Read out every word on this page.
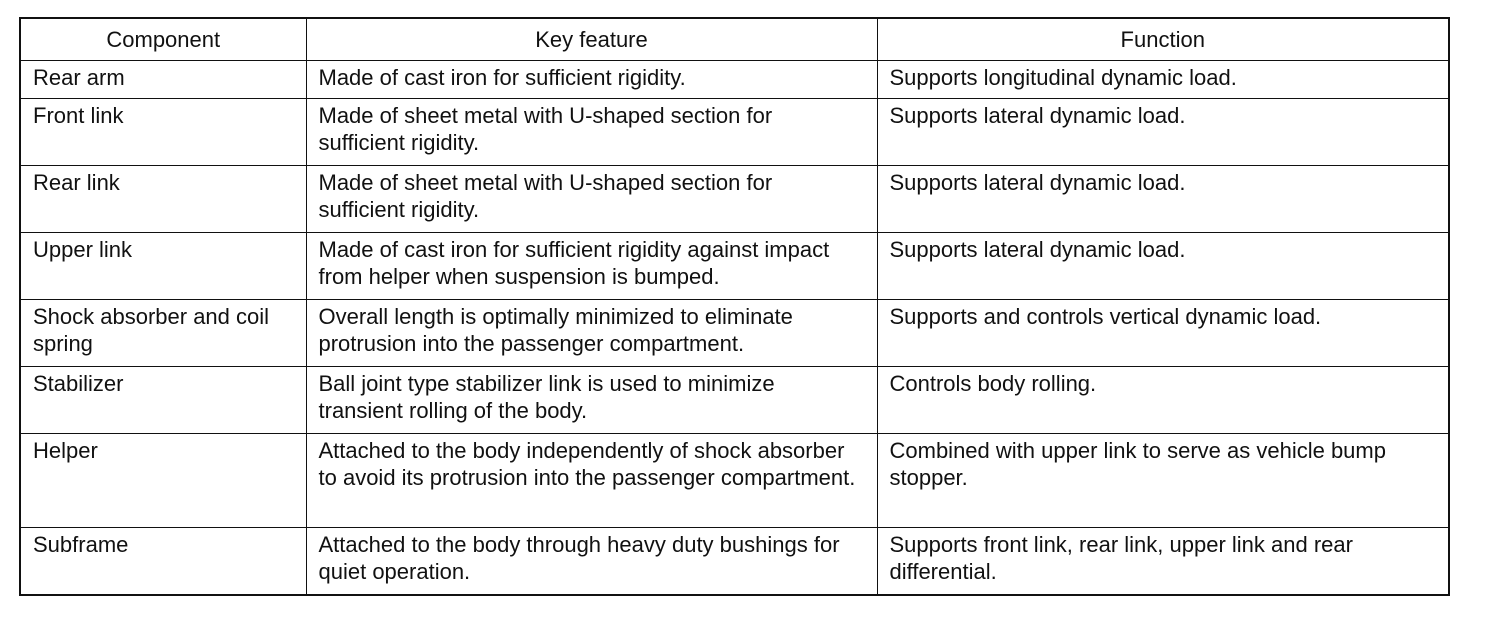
Component	Key feature	Function
Rear arm	Made of cast iron for sufficient rigidity.	Supports longitudinal dynamic load.
Front link	Made of sheet metal with U-shaped section for sufficient rigidity.	Supports lateral dynamic load.
Rear link	Made of sheet metal with U-shaped section for sufficient rigidity.	Supports lateral dynamic load.
Upper link	Made of cast iron for sufficient rigidity against impact from helper when suspension is bumped.	Supports lateral dynamic load.
Shock absorber and coil spring	Overall length is optimally minimized to eliminate protrusion into the passenger compartment.	Supports and controls vertical dynamic load.
Stabilizer	Ball joint type stabilizer link is used to minimize transient rolling of the body.	Controls body rolling.
Helper	Attached to the body independently of shock absorber to avoid its protrusion into the passenger compartment.	Combined with upper link to serve as vehicle bump stopper.
Subframe	Attached to the body through heavy duty bushings for quiet operation.	Supports front link, rear link, upper link and rear differential.
